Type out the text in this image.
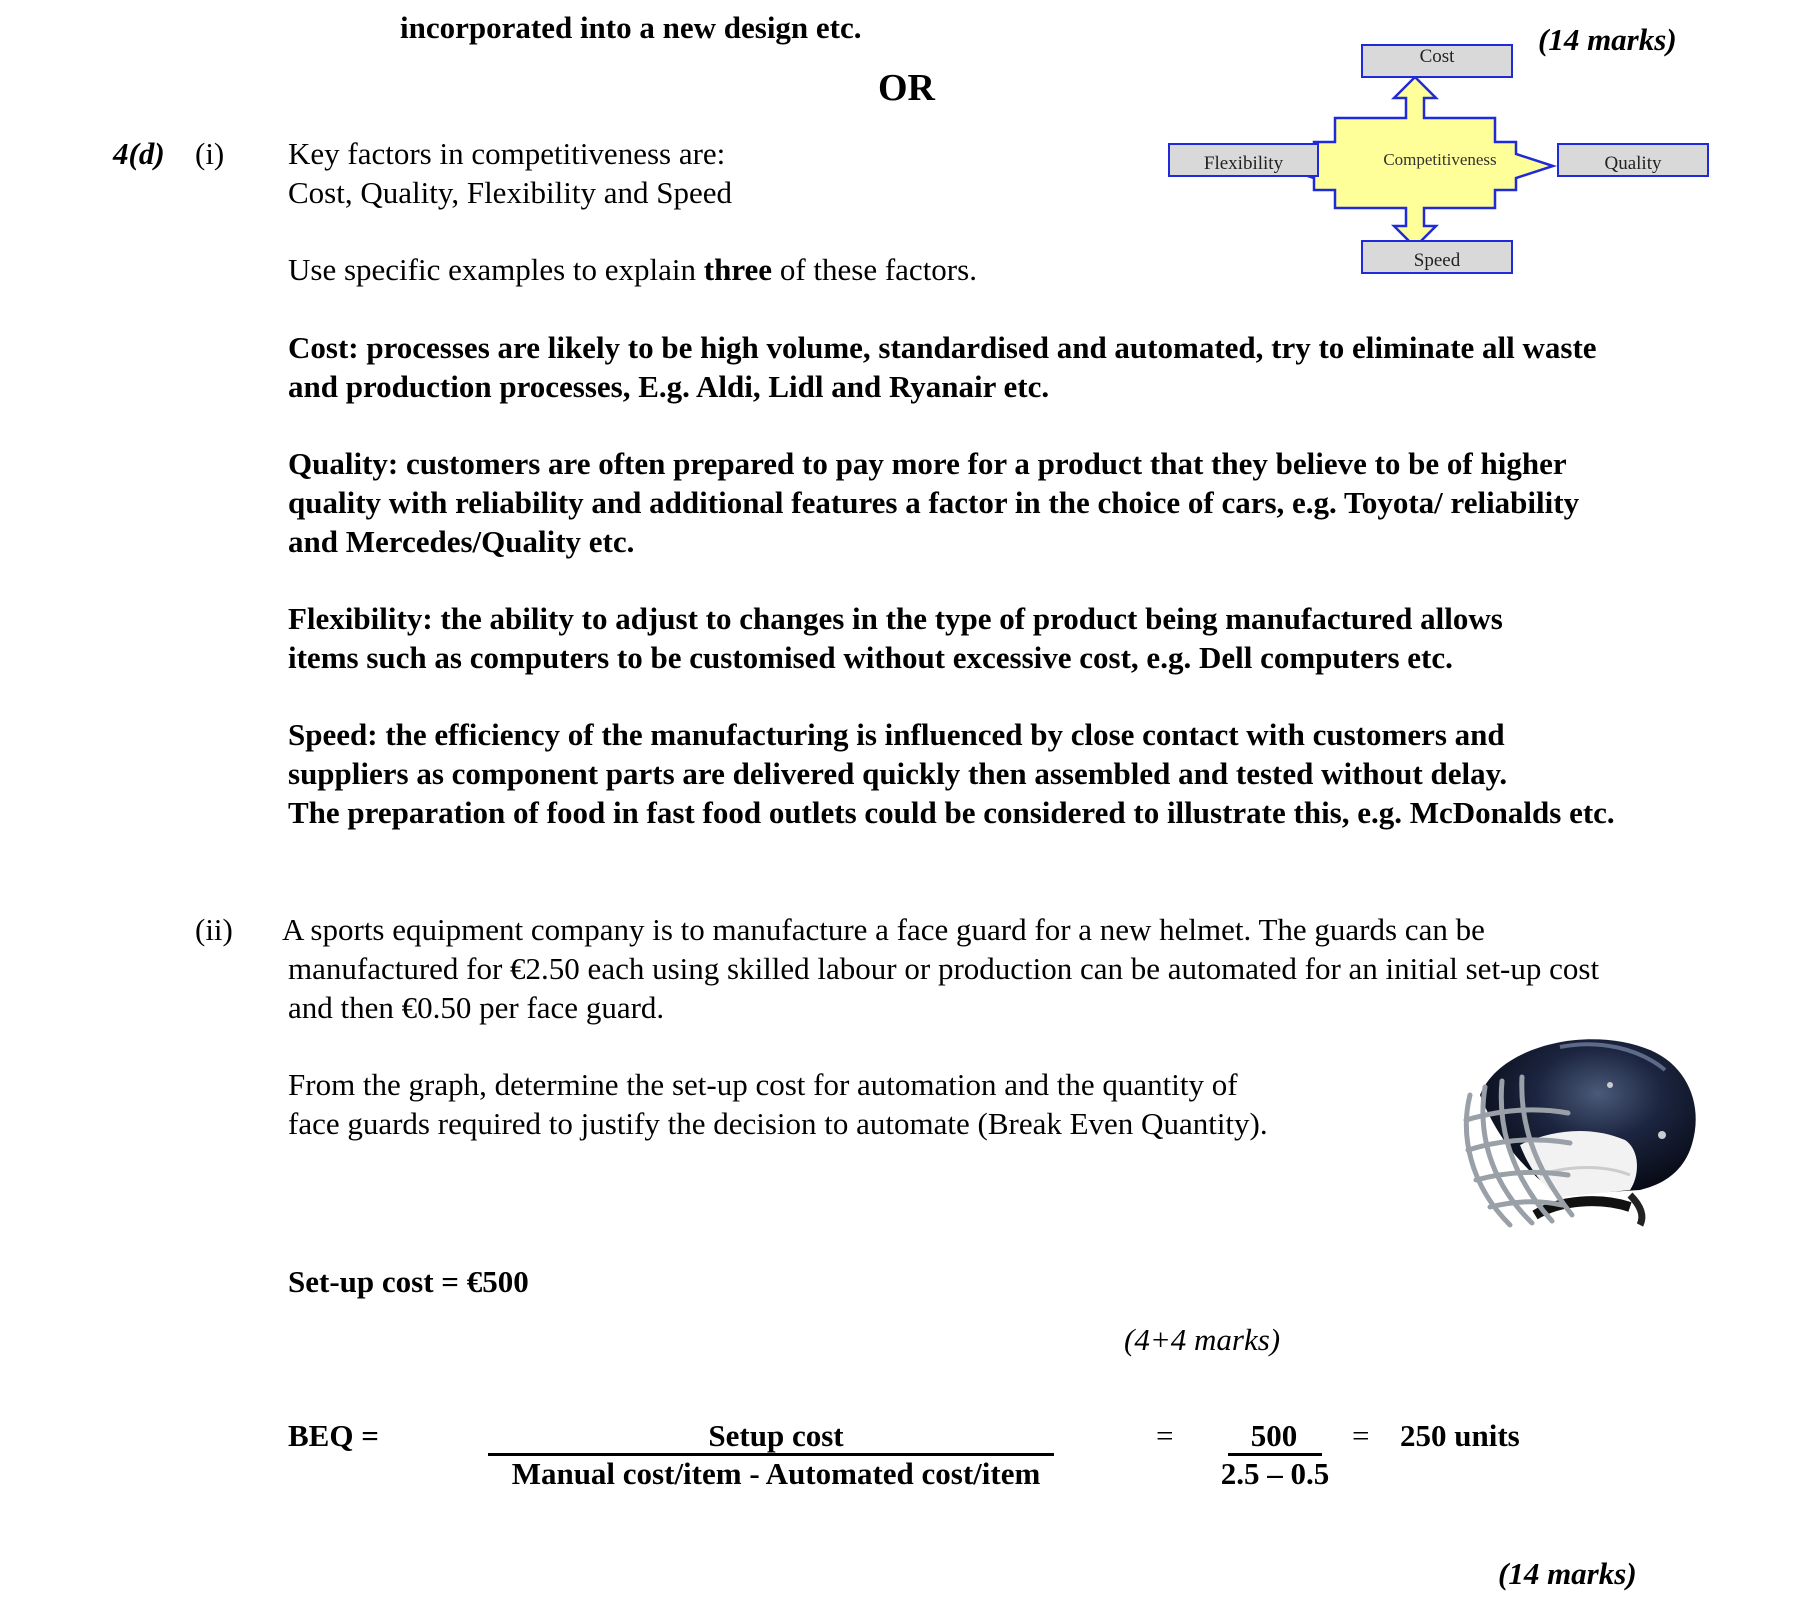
incorporated into a new design etc.	(14 marks)
OR
4(d) (i) Key factors in competitiveness are:
Cost, Quality, Flexibility and Speed
Use specific examples to explain three of these factors.
Cost
Flexibility	Quality
Speed
Competitiveness
Cost: processes are likely to be high volume, standardised and automated, try to eliminate all waste
and production processes, E.g. Aldi, Lidl and Ryanair etc.
Quality: customers are often prepared to pay more for a product that they believe to be of higher
quality with reliability and additional features a factor in the choice of cars, e.g. Toyota/ reliability
and Mercedes/Quality etc.
Flexibility: the ability to adjust to changes in the type of product being manufactured allows
items such as computers to be customised without excessive cost, e.g. Dell computers etc.
Speed: the efficiency of the manufacturing is influenced by close contact with customers and
suppliers as component parts are delivered quickly then assembled and tested without delay.
The preparation of food in fast food outlets could be considered to illustrate this, e.g. McDonalds etc.
(ii) A sports equipment company is to manufacture a face guard for a new helmet. The guards can be
manufactured for €2.50 each using skilled labour or production can be automated for an initial set-up cost
and then €0.50 per face guard.
From the graph, determine the set-up cost for automation and the quantity of
face guards required to justify the decision to automate (Break Even Quantity).
Set-up cost = €500
(4+4 marks)
BEQ =	Setup cost
Manual cost/item - Automated cost/item
=	500
2.5 – 0.5
= 250 units
(14 marks)
